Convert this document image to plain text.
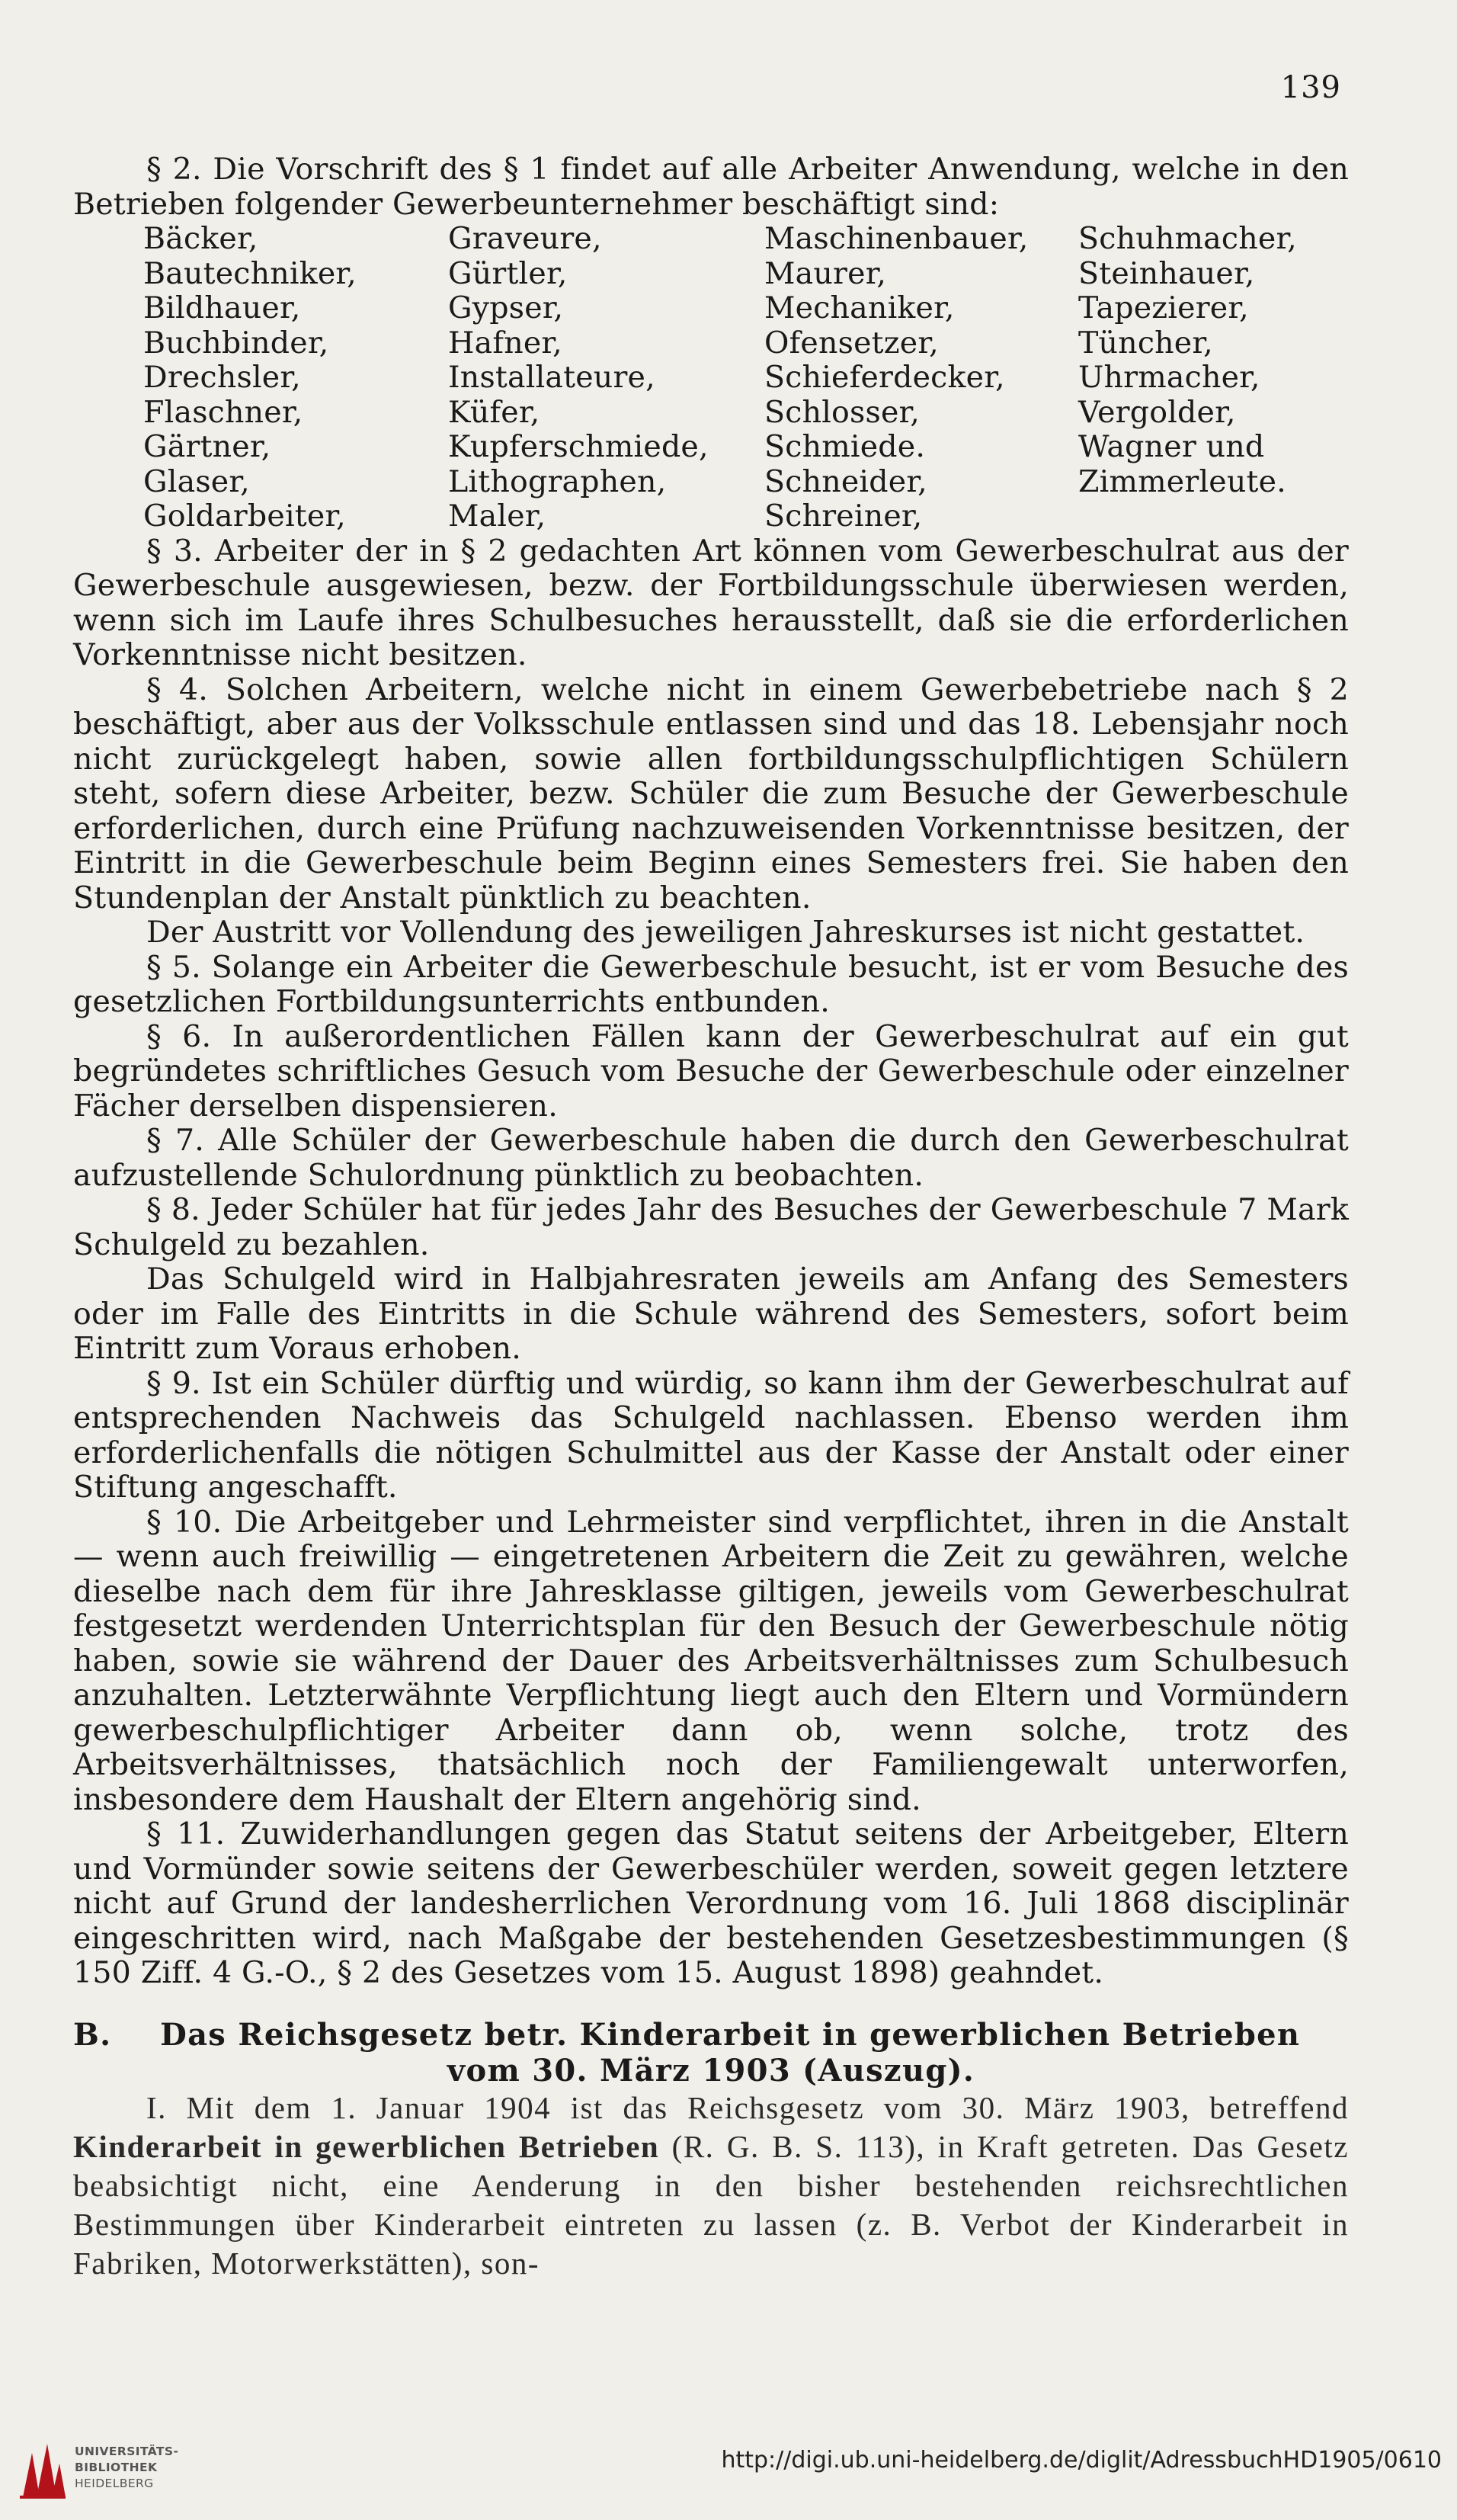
139

§ 2. Die Vorschrift des § 1 findet auf alle Arbeiter Anwendung, welche in den Betrieben folgender Gewerbeunternehmer beschäftigt sind:

Bäcker,	Graveure,	Maschinenbauer,	Schuhmacher,
Bautechniker,	Gürtler,	Maurer,	Steinhauer,
Bildhauer,	Gypser,	Mechaniker,	Tapezierer,
Buchbinder,	Hafner,	Ofensetzer,	Tüncher,
Drechsler,	Installateure,	Schieferdecker,	Uhrmacher,
Flaschner,	Küfer,	Schlosser,	Vergolder,
Gärtner,	Kupferschmiede,	Schmiede.	Wagner und
Glaser,	Lithographen,	Schneider,	Zimmerleute.
Goldarbeiter,	Maler,	Schreiner,

§ 3. Arbeiter der in § 2 gedachten Art können vom Gewerbeschulrat aus der Gewerbeschule ausgewiesen, bezw. der Fortbildungsschule überwiesen werden, wenn sich im Laufe ihres Schulbesuches herausstellt, daß sie die erforderlichen Vorkenntnisse nicht besitzen.

§ 4. Solchen Arbeitern, welche nicht in einem Gewerbebetriebe nach § 2 beschäftigt, aber aus der Volksschule entlassen sind und das 18. Lebensjahr noch nicht zurückgelegt haben, sowie allen fortbildungsschulpflichtigen Schülern steht, sofern diese Arbeiter, bezw. Schüler die zum Besuche der Gewerbeschule erforderlichen, durch eine Prüfung nachzuweisenden Vorkenntnisse besitzen, der Eintritt in die Gewerbeschule beim Beginn eines Semesters frei. Sie haben den Stundenplan der Anstalt pünktlich zu beachten.

Der Austritt vor Vollendung des jeweiligen Jahreskurses ist nicht gestattet.

§ 5. Solange ein Arbeiter die Gewerbeschule besucht, ist er vom Besuche des gesetzlichen Fortbildungsunterrichts entbunden.

§ 6. In außerordentlichen Fällen kann der Gewerbeschulrat auf ein gut begründetes schriftliches Gesuch vom Besuche der Gewerbeschule oder einzelner Fächer derselben dispensieren.

§ 7. Alle Schüler der Gewerbeschule haben die durch den Gewerbeschulrat aufzustellende Schulordnung pünktlich zu beobachten.

§ 8. Jeder Schüler hat für jedes Jahr des Besuches der Gewerbeschule 7 Mark Schulgeld zu bezahlen.

Das Schulgeld wird in Halbjahresraten jeweils am Anfang des Semesters oder im Falle des Eintritts in die Schule während des Semesters, sofort beim Eintritt zum Voraus erhoben.

§ 9. Ist ein Schüler dürftig und würdig, so kann ihm der Gewerbeschulrat auf entsprechenden Nachweis das Schulgeld nachlassen. Ebenso werden ihm erforderlichenfalls die nötigen Schulmittel aus der Kasse der Anstalt oder einer Stiftung angeschafft.

§ 10. Die Arbeitgeber und Lehrmeister sind verpflichtet, ihren in die Anstalt — wenn auch freiwillig — eingetretenen Arbeitern die Zeit zu gewähren, welche dieselbe nach dem für ihre Jahresklasse giltigen, jeweils vom Gewerbeschulrat festgesetzt werdenden Unterrichtsplan für den Besuch der Gewerbeschule nötig haben, sowie sie während der Dauer des Arbeitsverhältnisses zum Schulbesuch anzuhalten. Letzterwähnte Verpflichtung liegt auch den Eltern und Vormündern gewerbeschulpflichtiger Arbeiter dann ob, wenn solche, trotz des Arbeitsverhältnisses, thatsächlich noch der Familiengewalt unterworfen, insbesondere dem Haushalt der Eltern angehörig sind.

§ 11. Zuwiderhandlungen gegen das Statut seitens der Arbeitgeber, Eltern und Vormünder sowie seitens der Gewerbeschüler werden, soweit gegen letztere nicht auf Grund der landesherrlichen Verordnung vom 16. Juli 1868 disciplinär eingeschritten wird, nach Maßgabe der bestehenden Gesetzesbestimmungen (§ 150 Ziff. 4 G.-O., § 2 des Gesetzes vom 15. August 1898) geahndet.

B. Das Reichsgesetz betr. Kinderarbeit in gewerblichen Betrieben
vom 30. März 1903 (Auszug).

I. Mit dem 1. Januar 1904 ist das Reichsgesetz vom 30. März 1903, betreffend Kinderarbeit in gewerblichen Betrieben (R. G. B. S. 113), in Kraft getreten. Das Gesetz beabsichtigt nicht, eine Aenderung in den bisher bestehenden reichsrechtlichen Bestimmungen über Kinderarbeit eintreten zu lassen (z. B. Verbot der Kinderarbeit in Fabriken, Motorwerkstätten), son-

UNIVERSITÄTS-
BIBLIOTHEK
HEIDELBERG
http://digi.ub.uni-heidelberg.de/diglit/AdressbuchHD1905/0610
